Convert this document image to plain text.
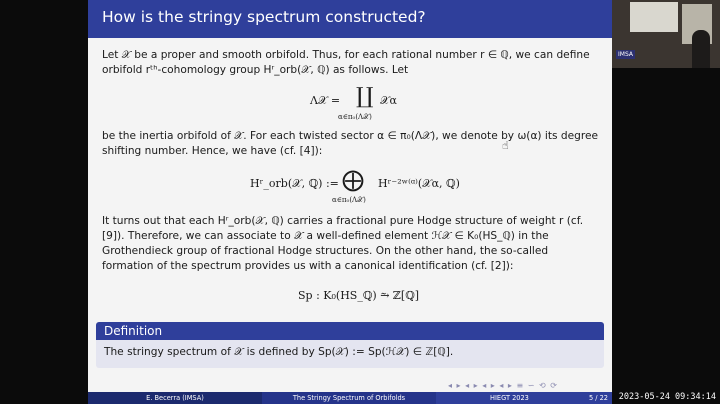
How is the stringy spectrum constructed?
Let 𝒳 be a proper and smooth orbifold. Thus, for each rational number r ∈ ℚ, we can define orbifold rᵗʰ-cohomology group Hʳ_orb(𝒳, ℚ) as follows. Let
Λ𝒳 = ∐ 𝒳α
α∈π₀(Λ𝒳)
be the inertia orbifold of 𝒳. For each twisted sector α ∈ π₀(Λ𝒳), we denote by ω(α) its degree shifting number. Hence, we have (cf. [4]):
Hʳ_orb(𝒳, ℚ) := ⨁ Hʳ⁻²ʷ⁽ᵅ⁾(𝒳α, ℚ)
α∈π₀(Λ𝒳)
☝
It turns out that each Hʳ_orb(𝒳, ℚ) carries a fractional pure Hodge structure of weight r (cf. [9]). Therefore, we can associate to 𝒳 a well-defined element ℋ𝒳 ∈ K₀(HS_ℚ) in the Grothendieck group of fractional Hodge structures. On the other hand, the so-called formation of the spectrum provides us with a canonical identification (cf. [2]):
Sp : K₀(HS_ℚ) ⥲ ℤ[ℚ]
Definition
The stringy spectrum of 𝒳 is defined by Sp(𝒳) := Sp(ℋ𝒳) ∈ ℤ[ℚ].
◂ ▸ ◂ ▸ ◂ ▸ ◂ ▸ ≡ ∽ ⟲ ⟳
E. Becerra (IMSA)	The Stringy Spectrum of Orbifolds	HIEGT 2023	5 / 22
IMSA
2023-05-24 09:34:14
